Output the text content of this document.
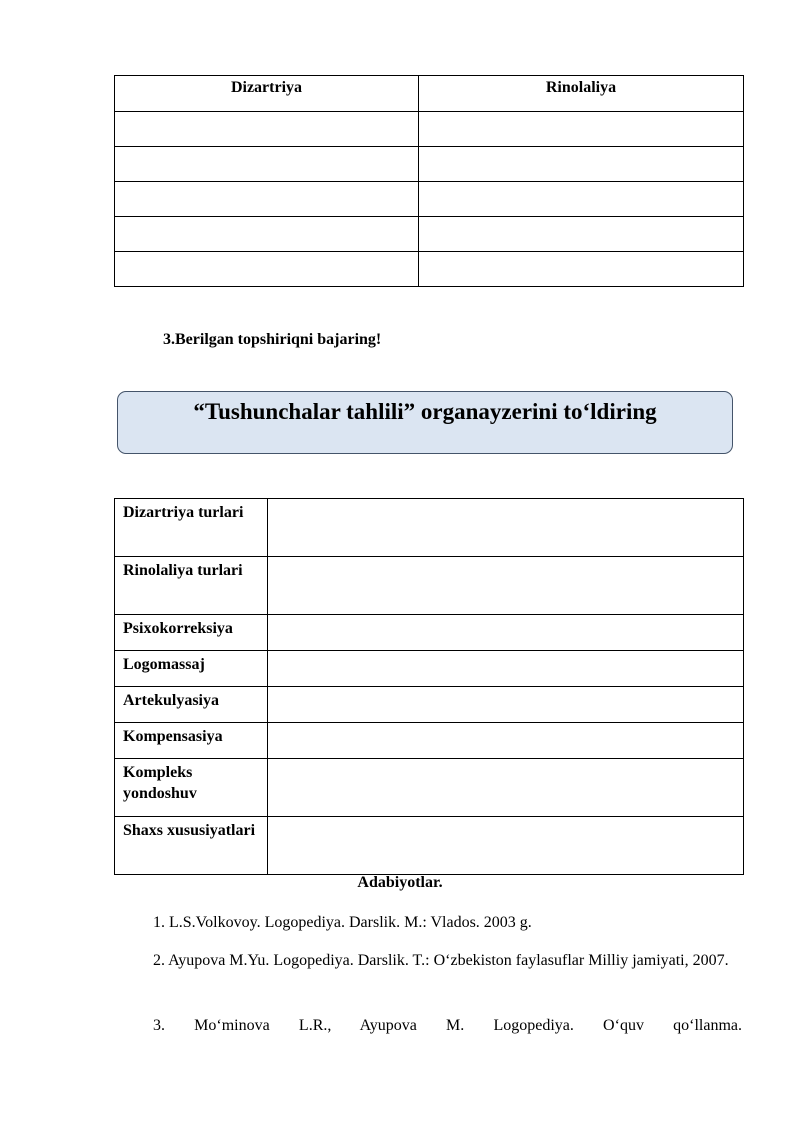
Dizartriya	Rinolaliya

3.Berilgan topshiriqni bajaring!
“Tushunchalar tahlili” organayzerini to‘ldiring
Dizartriya turlari	
Rinolaliya turlari	
Psixokorreksiya	
Logomassaj	
Artekulyasiya	
Kompensasiya	
Kompleks yondoshuv	
Shaxs xususiyatlari	
Adabiyotlar.
1. L.S.Volkovoy. Logopediya. Darslik. M.: Vlados. 2003 g.
2. Ayupova M.Yu. Logopediya. Darslik. T.: O‘zbekiston faylasuflar Milliy jamiyati, 2007.
3. Mo‘minova L.R., Ayupova M. Logopediya. O‘quv qo‘llanma.
